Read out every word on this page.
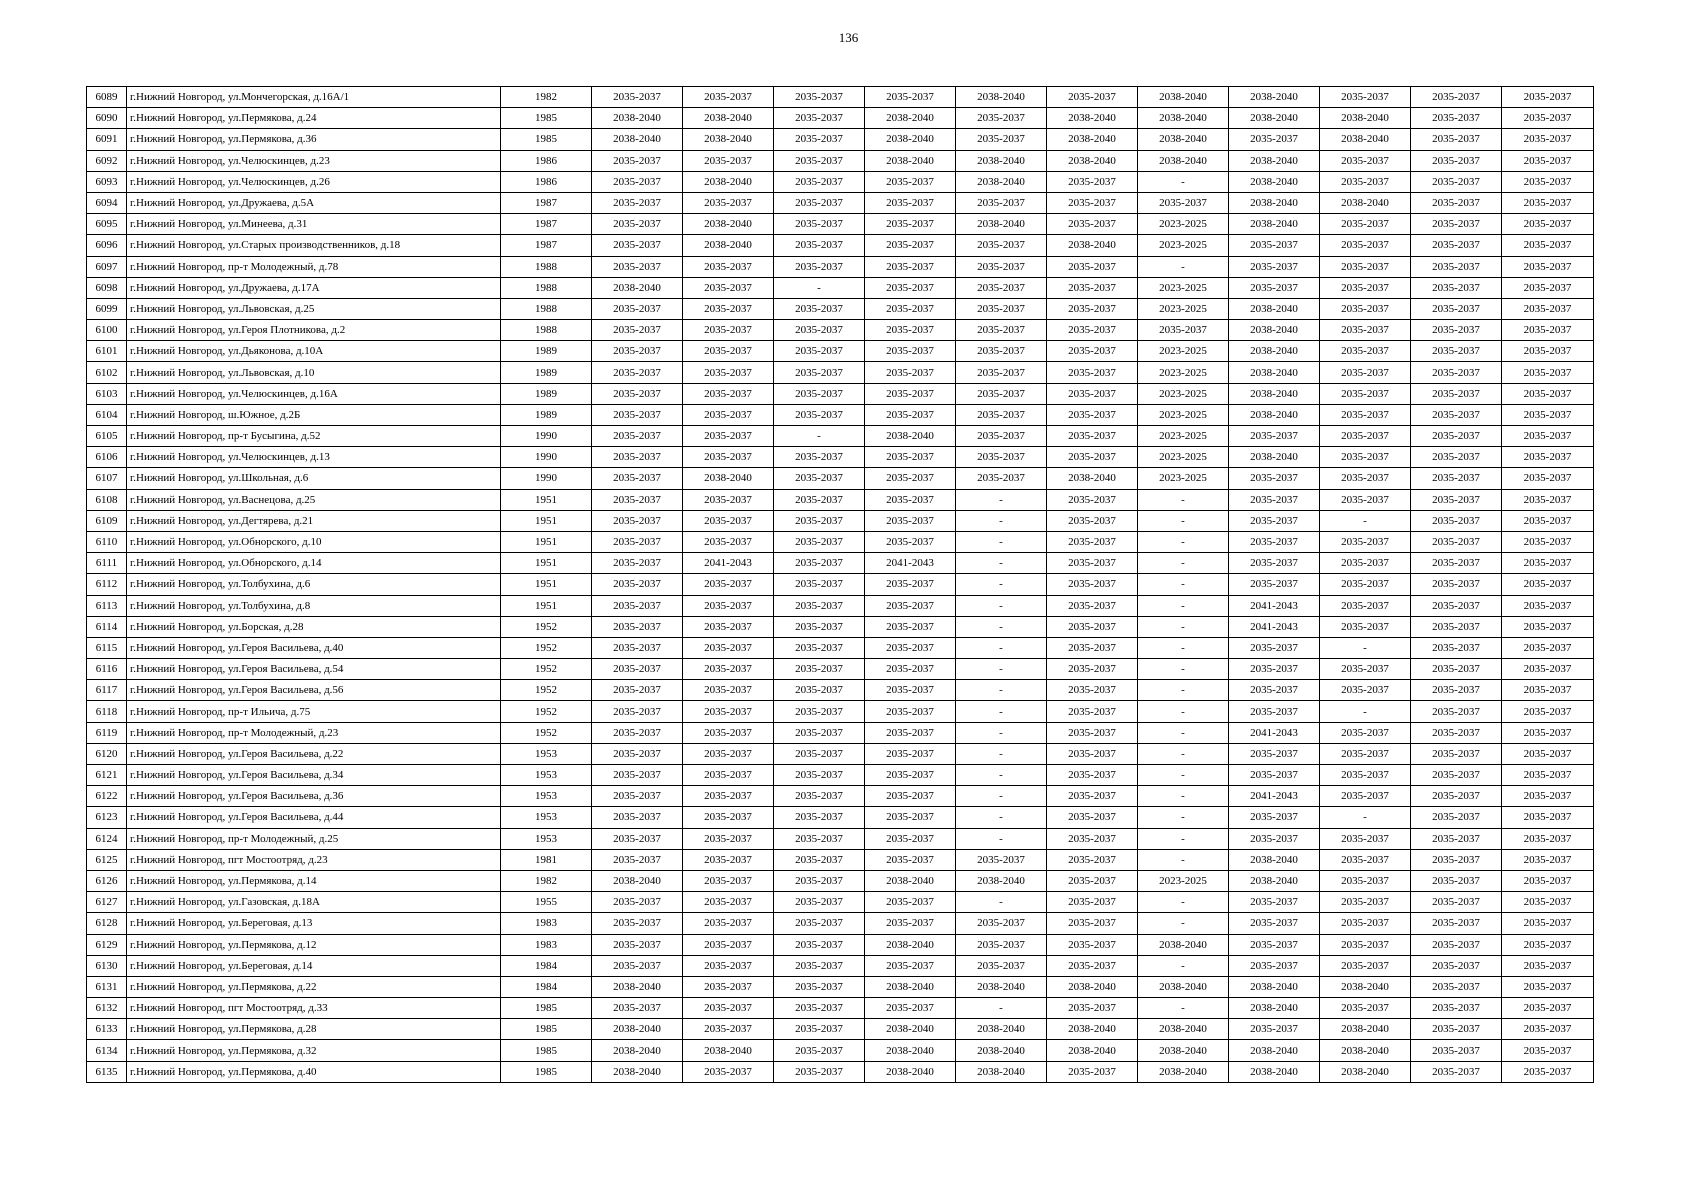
136
6089	г.Нижний Новгород, ул.Мончегорская, д.16А/1	1982	2035-2037	2035-2037	2035-2037	2035-2037	2038-2040	2035-2037	2038-2040	2038-2040	2035-2037	2035-2037	2035-2037
6090	г.Нижний Новгород, ул.Пермякова, д.24	1985	2038-2040	2038-2040	2035-2037	2038-2040	2035-2037	2038-2040	2038-2040	2038-2040	2038-2040	2035-2037	2035-2037
6091	г.Нижний Новгород, ул.Пермякова, д.36	1985	2038-2040	2038-2040	2035-2037	2038-2040	2035-2037	2038-2040	2038-2040	2035-2037	2038-2040	2035-2037	2035-2037
6092	г.Нижний Новгород, ул.Челюскинцев, д.23	1986	2035-2037	2035-2037	2035-2037	2038-2040	2038-2040	2038-2040	2038-2040	2038-2040	2035-2037	2035-2037	2035-2037
6093	г.Нижний Новгород, ул.Челюскинцев, д.26	1986	2035-2037	2038-2040	2035-2037	2035-2037	2038-2040	2035-2037	-	2038-2040	2035-2037	2035-2037	2035-2037
6094	г.Нижний Новгород, ул.Дружаева, д.5А	1987	2035-2037	2035-2037	2035-2037	2035-2037	2035-2037	2035-2037	2035-2037	2038-2040	2038-2040	2035-2037	2035-2037
6095	г.Нижний Новгород, ул.Минеева, д.31	1987	2035-2037	2038-2040	2035-2037	2035-2037	2038-2040	2035-2037	2023-2025	2038-2040	2035-2037	2035-2037	2035-2037
6096	г.Нижний Новгород, ул.Старых производственников, д.18	1987	2035-2037	2038-2040	2035-2037	2035-2037	2035-2037	2038-2040	2023-2025	2035-2037	2035-2037	2035-2037	2035-2037
6097	г.Нижний Новгород, пр-т Молодежный, д.78	1988	2035-2037	2035-2037	2035-2037	2035-2037	2035-2037	2035-2037	-	2035-2037	2035-2037	2035-2037	2035-2037
6098	г.Нижний Новгород, ул.Дружаева, д.17А	1988	2038-2040	2035-2037	-	2035-2037	2035-2037	2035-2037	2023-2025	2035-2037	2035-2037	2035-2037	2035-2037
6099	г.Нижний Новгород, ул.Львовская, д.25	1988	2035-2037	2035-2037	2035-2037	2035-2037	2035-2037	2035-2037	2023-2025	2038-2040	2035-2037	2035-2037	2035-2037
6100	г.Нижний Новгород, ул.Героя Плотникова, д.2	1988	2035-2037	2035-2037	2035-2037	2035-2037	2035-2037	2035-2037	2035-2037	2038-2040	2035-2037	2035-2037	2035-2037
6101	г.Нижний Новгород, ул.Дьяконова, д.10А	1989	2035-2037	2035-2037	2035-2037	2035-2037	2035-2037	2035-2037	2023-2025	2038-2040	2035-2037	2035-2037	2035-2037
6102	г.Нижний Новгород, ул.Львовская, д.10	1989	2035-2037	2035-2037	2035-2037	2035-2037	2035-2037	2035-2037	2023-2025	2038-2040	2035-2037	2035-2037	2035-2037
6103	г.Нижний Новгород, ул.Челюскинцев, д.16А	1989	2035-2037	2035-2037	2035-2037	2035-2037	2035-2037	2035-2037	2023-2025	2038-2040	2035-2037	2035-2037	2035-2037
6104	г.Нижний Новгород, ш.Южное, д.2Б	1989	2035-2037	2035-2037	2035-2037	2035-2037	2035-2037	2035-2037	2023-2025	2038-2040	2035-2037	2035-2037	2035-2037
6105	г.Нижний Новгород, пр-т Бусыгина, д.52	1990	2035-2037	2035-2037	-	2038-2040	2035-2037	2035-2037	2023-2025	2035-2037	2035-2037	2035-2037	2035-2037
6106	г.Нижний Новгород, ул.Челюскинцев, д.13	1990	2035-2037	2035-2037	2035-2037	2035-2037	2035-2037	2035-2037	2023-2025	2038-2040	2035-2037	2035-2037	2035-2037
6107	г.Нижний Новгород, ул.Школьная, д.6	1990	2035-2037	2038-2040	2035-2037	2035-2037	2035-2037	2038-2040	2023-2025	2035-2037	2035-2037	2035-2037	2035-2037
6108	г.Нижний Новгород, ул.Васнецова, д.25	1951	2035-2037	2035-2037	2035-2037	2035-2037	-	2035-2037	-	2035-2037	2035-2037	2035-2037	2035-2037
6109	г.Нижний Новгород, ул.Дегтярева, д.21	1951	2035-2037	2035-2037	2035-2037	2035-2037	-	2035-2037	-	2035-2037	-	2035-2037	2035-2037
6110	г.Нижний Новгород, ул.Обнорского, д.10	1951	2035-2037	2035-2037	2035-2037	2035-2037	-	2035-2037	-	2035-2037	2035-2037	2035-2037	2035-2037
6111	г.Нижний Новгород, ул.Обнорского, д.14	1951	2035-2037	2041-2043	2035-2037	2041-2043	-	2035-2037	-	2035-2037	2035-2037	2035-2037	2035-2037
6112	г.Нижний Новгород, ул.Толбухина, д.6	1951	2035-2037	2035-2037	2035-2037	2035-2037	-	2035-2037	-	2035-2037	2035-2037	2035-2037	2035-2037
6113	г.Нижний Новгород, ул.Толбухина, д.8	1951	2035-2037	2035-2037	2035-2037	2035-2037	-	2035-2037	-	2041-2043	2035-2037	2035-2037	2035-2037
6114	г.Нижний Новгород, ул.Борская, д.28	1952	2035-2037	2035-2037	2035-2037	2035-2037	-	2035-2037	-	2041-2043	2035-2037	2035-2037	2035-2037
6115	г.Нижний Новгород, ул.Героя Васильева, д.40	1952	2035-2037	2035-2037	2035-2037	2035-2037	-	2035-2037	-	2035-2037	-	2035-2037	2035-2037
6116	г.Нижний Новгород, ул.Героя Васильева, д.54	1952	2035-2037	2035-2037	2035-2037	2035-2037	-	2035-2037	-	2035-2037	2035-2037	2035-2037	2035-2037
6117	г.Нижний Новгород, ул.Героя Васильева, д.56	1952	2035-2037	2035-2037	2035-2037	2035-2037	-	2035-2037	-	2035-2037	2035-2037	2035-2037	2035-2037
6118	г.Нижний Новгород, пр-т Ильича, д.75	1952	2035-2037	2035-2037	2035-2037	2035-2037	-	2035-2037	-	2035-2037	-	2035-2037	2035-2037
6119	г.Нижний Новгород, пр-т Молодежный, д.23	1952	2035-2037	2035-2037	2035-2037	2035-2037	-	2035-2037	-	2041-2043	2035-2037	2035-2037	2035-2037
6120	г.Нижний Новгород, ул.Героя Васильева, д.22	1953	2035-2037	2035-2037	2035-2037	2035-2037	-	2035-2037	-	2035-2037	2035-2037	2035-2037	2035-2037
6121	г.Нижний Новгород, ул.Героя Васильева, д.34	1953	2035-2037	2035-2037	2035-2037	2035-2037	-	2035-2037	-	2035-2037	2035-2037	2035-2037	2035-2037
6122	г.Нижний Новгород, ул.Героя Васильева, д.36	1953	2035-2037	2035-2037	2035-2037	2035-2037	-	2035-2037	-	2041-2043	2035-2037	2035-2037	2035-2037
6123	г.Нижний Новгород, ул.Героя Васильева, д.44	1953	2035-2037	2035-2037	2035-2037	2035-2037	-	2035-2037	-	2035-2037	-	2035-2037	2035-2037
6124	г.Нижний Новгород, пр-т Молодежный, д.25	1953	2035-2037	2035-2037	2035-2037	2035-2037	-	2035-2037	-	2035-2037	2035-2037	2035-2037	2035-2037
6125	г.Нижний Новгород, пгт Мостоотряд, д.23	1981	2035-2037	2035-2037	2035-2037	2035-2037	2035-2037	2035-2037	-	2038-2040	2035-2037	2035-2037	2035-2037
6126	г.Нижний Новгород, ул.Пермякова, д.14	1982	2038-2040	2035-2037	2035-2037	2038-2040	2038-2040	2035-2037	2023-2025	2038-2040	2035-2037	2035-2037	2035-2037
6127	г.Нижний Новгород, ул.Газовская, д.18А	1955	2035-2037	2035-2037	2035-2037	2035-2037	-	2035-2037	-	2035-2037	2035-2037	2035-2037	2035-2037
6128	г.Нижний Новгород, ул.Береговая, д.13	1983	2035-2037	2035-2037	2035-2037	2035-2037	2035-2037	2035-2037	-	2035-2037	2035-2037	2035-2037	2035-2037
6129	г.Нижний Новгород, ул.Пермякова, д.12	1983	2035-2037	2035-2037	2035-2037	2038-2040	2035-2037	2035-2037	2038-2040	2035-2037	2035-2037	2035-2037	2035-2037
6130	г.Нижний Новгород, ул.Береговая, д.14	1984	2035-2037	2035-2037	2035-2037	2035-2037	2035-2037	2035-2037	-	2035-2037	2035-2037	2035-2037	2035-2037
6131	г.Нижний Новгород, ул.Пермякова, д.22	1984	2038-2040	2035-2037	2035-2037	2038-2040	2038-2040	2038-2040	2038-2040	2038-2040	2038-2040	2035-2037	2035-2037
6132	г.Нижний Новгород, пгт Мостоотряд, д.33	1985	2035-2037	2035-2037	2035-2037	2035-2037	-	2035-2037	-	2038-2040	2035-2037	2035-2037	2035-2037
6133	г.Нижний Новгород, ул.Пермякова, д.28	1985	2038-2040	2035-2037	2035-2037	2038-2040	2038-2040	2038-2040	2038-2040	2035-2037	2038-2040	2035-2037	2035-2037
6134	г.Нижний Новгород, ул.Пермякова, д.32	1985	2038-2040	2038-2040	2035-2037	2038-2040	2038-2040	2038-2040	2038-2040	2038-2040	2038-2040	2035-2037	2035-2037
6135	г.Нижний Новгород, ул.Пермякова, д.40	1985	2038-2040	2035-2037	2035-2037	2038-2040	2038-2040	2035-2037	2038-2040	2038-2040	2038-2040	2035-2037	2035-2037
